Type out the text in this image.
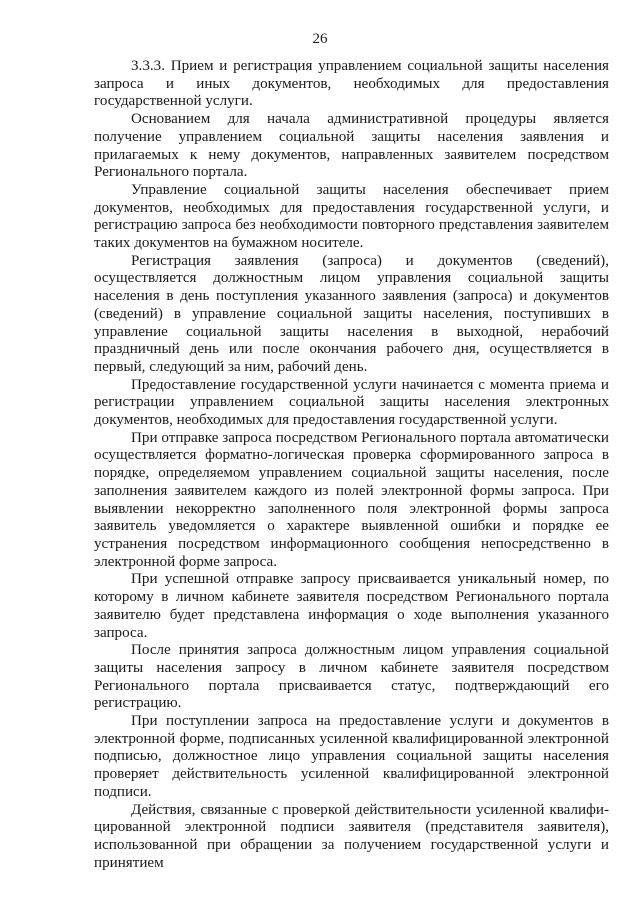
26

3.3.3. Прием и регистрация управлением социальной защиты населения запроса и иных документов, необходимых для предоставления государственной услуги.

Основанием для начала административной процедуры является получение управлением социальной защиты населения заявления и прилагаемых к нему документов, направленных заявителем посредством Регионального портала.

Управление социальной защиты населения обеспечивает прием документов, необходимых для предоставления государственной услуги, и регистрацию запроса без необходимости повторного представления заявителем таких документов на бумажном носителе.

Регистрация заявления (запроса) и документов (сведений), осуществляется должностным лицом управления социальной защиты населения в день поступления указанного заявления (запроса) и документов (сведений) в управление социальной защиты населения, поступивших в управление социальной защиты населения в выходной, нерабочий праздничный день или после окончания рабочего дня, осуществляется в первый, следующий за ним, рабочий день.

Предоставление государственной услуги начинается с момента приема и регистрации управлением социальной защиты населения электронных документов, необходимых для предоставления государственной услуги.

При отправке запроса посредством Регионального портала автоматически осуществляется форматно-логическая проверка сформированного запроса в порядке, определяемом управлением социальной защиты населения, после заполнения заявителем каждого из полей электронной формы запроса. При выявлении некорректно заполненного поля электронной формы запроса заявитель уведомляется о характере выявленной ошибки и порядке ее устранения посредством информационного сообщения непосредственно в электронной форме запроса.

При успешной отправке запросу присваивается уникальный номер, по которому в личном кабинете заявителя посредством Регионального портала заявителю будет представлена информация о ходе выполнения указанного запроса.

После принятия запроса должностным лицом управления социальной защиты населения запросу в личном кабинете заявителя посредством Регионального портала присваивается статус, подтверждающий его регистрацию.

При поступлении запроса на предоставление услуги и документов в электронной форме, подписанных усиленной квалифицированной электронной подписью, должностное лицо управления социальной защиты населения проверяет действительность усиленной квалифицированной электронной подписи.

Действия, связанные с проверкой действительности усиленной квалифицированной электронной подписи заявителя (представителя заявителя), использованной при обращении за получением государственной услуги и принятием
